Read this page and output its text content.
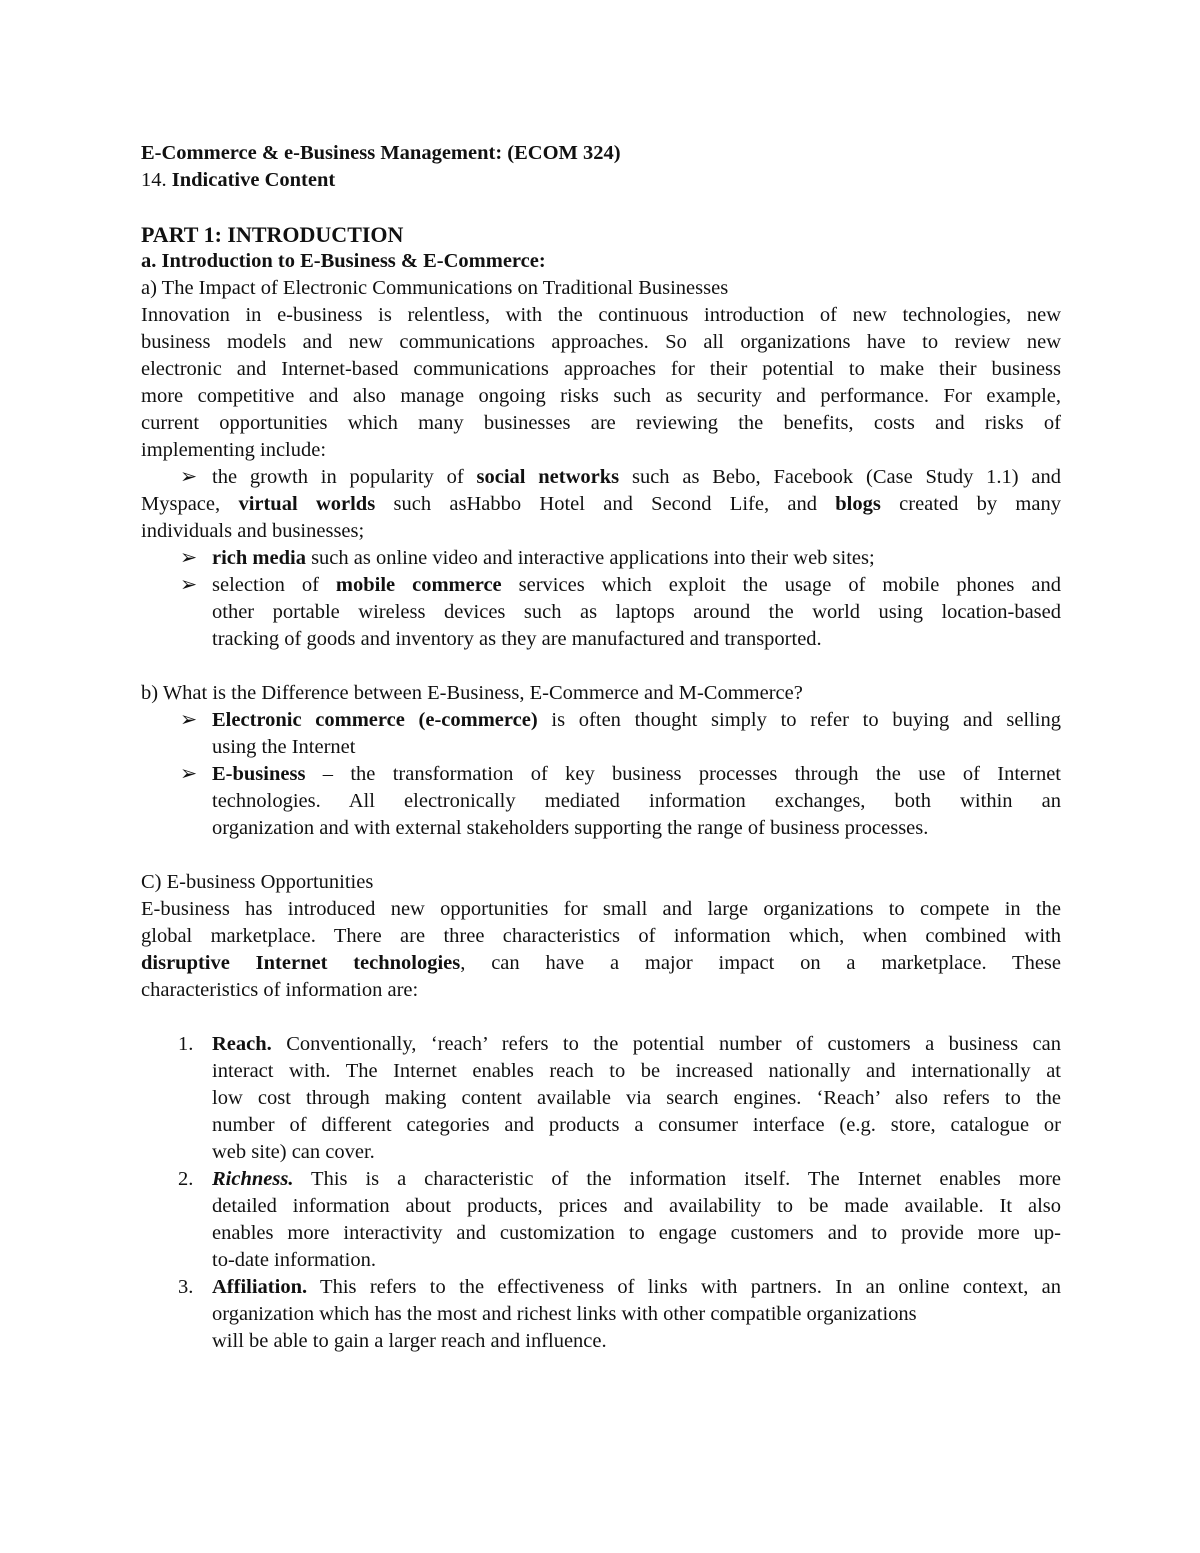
E-Commerce & e-Business Management: (ECOM 324)
14. Indicative Content
PART 1: INTRODUCTION
a. Introduction to E-Business & E-Commerce:
a) The Impact of Electronic Communications on Traditional Businesses
Innovation in e-business is relentless, with the continuous introduction of new technologies, new
business models and new communications approaches. So all organizations have to review new
electronic and Internet-based communications approaches for their potential to make their business
more competitive and also manage ongoing risks such as security and performance. For example,
current opportunities which many businesses are reviewing the benefits, costs and risks of
implementing include:
➢ the growth in popularity of social networks such as Bebo, Facebook (Case Study 1.1) and
Myspace, virtual worlds such asHabbo Hotel and Second Life, and blogs created by many
individuals and businesses;
➢ rich media such as online video and interactive applications into their web sites;
➢ selection of mobile commerce services which exploit the usage of mobile phones and
other portable wireless devices such as laptops around the world using location-based
tracking of goods and inventory as they are manufactured and transported.
b) What is the Difference between E-Business, E-Commerce and M-Commerce?
➢ Electronic commerce (e-commerce) is often thought simply to refer to buying and selling
using the Internet
➢ E-business – the transformation of key business processes through the use of Internet
technologies. All electronically mediated information exchanges, both within an
organization and with external stakeholders supporting the range of business processes.
C) E-business Opportunities
E-business has introduced new opportunities for small and large organizations to compete in the
global marketplace. There are three characteristics of information which, when combined with
disruptive Internet technologies, can have a major impact on a marketplace. These
characteristics of information are:
1. Reach. Conventionally, ‘reach’ refers to the potential number of customers a business can
interact with. The Internet enables reach to be increased nationally and internationally at
low cost through making content available via search engines. ‘Reach’ also refers to the
number of different categories and products a consumer interface (e.g. store, catalogue or
web site) can cover.
2. Richness. This is a characteristic of the information itself. The Internet enables more
detailed information about products, prices and availability to be made available. It also
enables more interactivity and customization to engage customers and to provide more up-
to-date information.
3. Affiliation. This refers to the effectiveness of links with partners. In an online context, an
organization which has the most and richest links with other compatible organizations
will be able to gain a larger reach and influence.
